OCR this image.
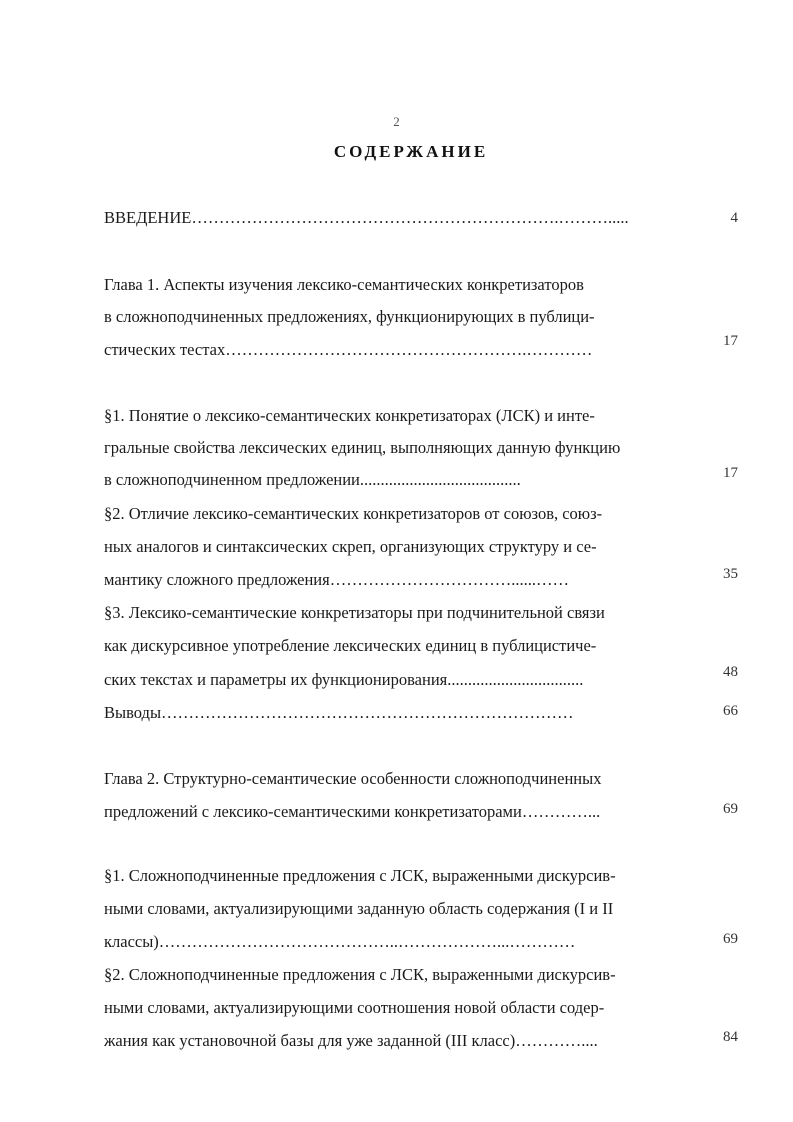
2
СОДЕРЖАНИЕ
ВВЕДЕНИЕ………………………………………………………….……….....	4
Глава 1. Аспекты изучения лексико-семантических конкретизаторов
в сложноподчиненных предложениях, функционирующих в публици-
стических тестах……………………………………………….…………	17
§1. Понятие о лексико-семантических конкретизаторах (ЛСК) и инте-
гральные свойства лексических единиц, выполняющих данную функцию
в сложноподчиненном предложении.......................................	17
§2. Отличие лексико-семантических конкретизаторов от союзов, союз-
ных аналогов и синтаксических скреп, организующих структуру и се-
мантику сложного предложения……………………………......……	35
§3. Лексико-семантические конкретизаторы при подчинительной связи
как дискурсивное употребление лексических единиц в публицистиче-
ских текстах и параметры их функционирования.................................	48
Выводы…………………………………………………………………	66
Глава 2. Структурно-семантические особенности сложноподчиненных
предложений с лексико-семантическими конкретизаторами…………...	69
§1. Сложноподчиненные предложения с ЛСК, выраженными дискурсив-
ными словами, актуализирующими заданную область содержания (I и II
классы)……………………………………..………………...…………	69
§2. Сложноподчиненные предложения с ЛСК, выраженными дискурсив-
ными словами, актуализирующими соотношения новой области содер-
жания как установочной базы для уже заданной (III класс)…………....	84
